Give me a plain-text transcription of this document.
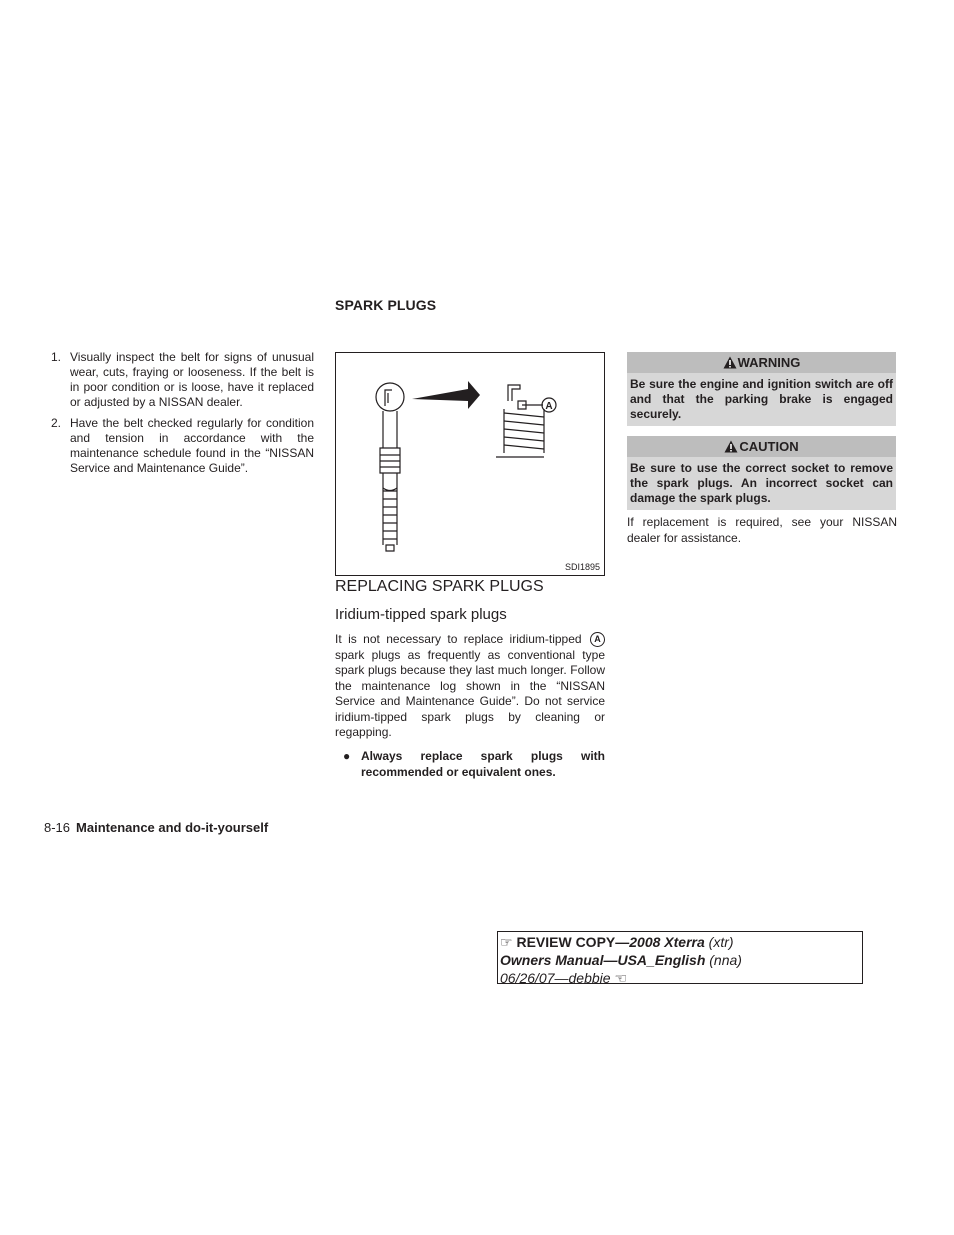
SPARK PLUGS
1. Visually inspect the belt for signs of unusual wear, cuts, fraying or looseness. If the belt is in poor condition or is loose, have it replaced or adjusted by a NISSAN dealer.
2. Have the belt checked regularly for condition and tension in accordance with the maintenance schedule found in the “NISSAN Service and Maintenance Guide”.
A
SDI1895
REPLACING SPARK PLUGS
Iridium-tipped spark plugs
It is not necessary to replace iridium-tipped A spark plugs as frequently as conventional type spark plugs because they last much longer. Follow the maintenance log shown in the “NISSAN Service and Maintenance Guide”. Do not service iridium-tipped spark plugs by cleaning or regapping.
● Always replace spark plugs with recommended or equivalent ones.
WARNING
Be sure the engine and ignition switch are off and that the parking brake is engaged securely.
CAUTION
Be sure to use the correct socket to remove the spark plugs. An incorrect socket can damage the spark plugs.
If replacement is required, see your NISSAN dealer for assistance.
8-16 Maintenance and do-it-yourself
☞ REVIEW COPY—2008 Xterra (xtr)
Owners Manual—USA_English (nna)
06/26/07—debbie ☜
